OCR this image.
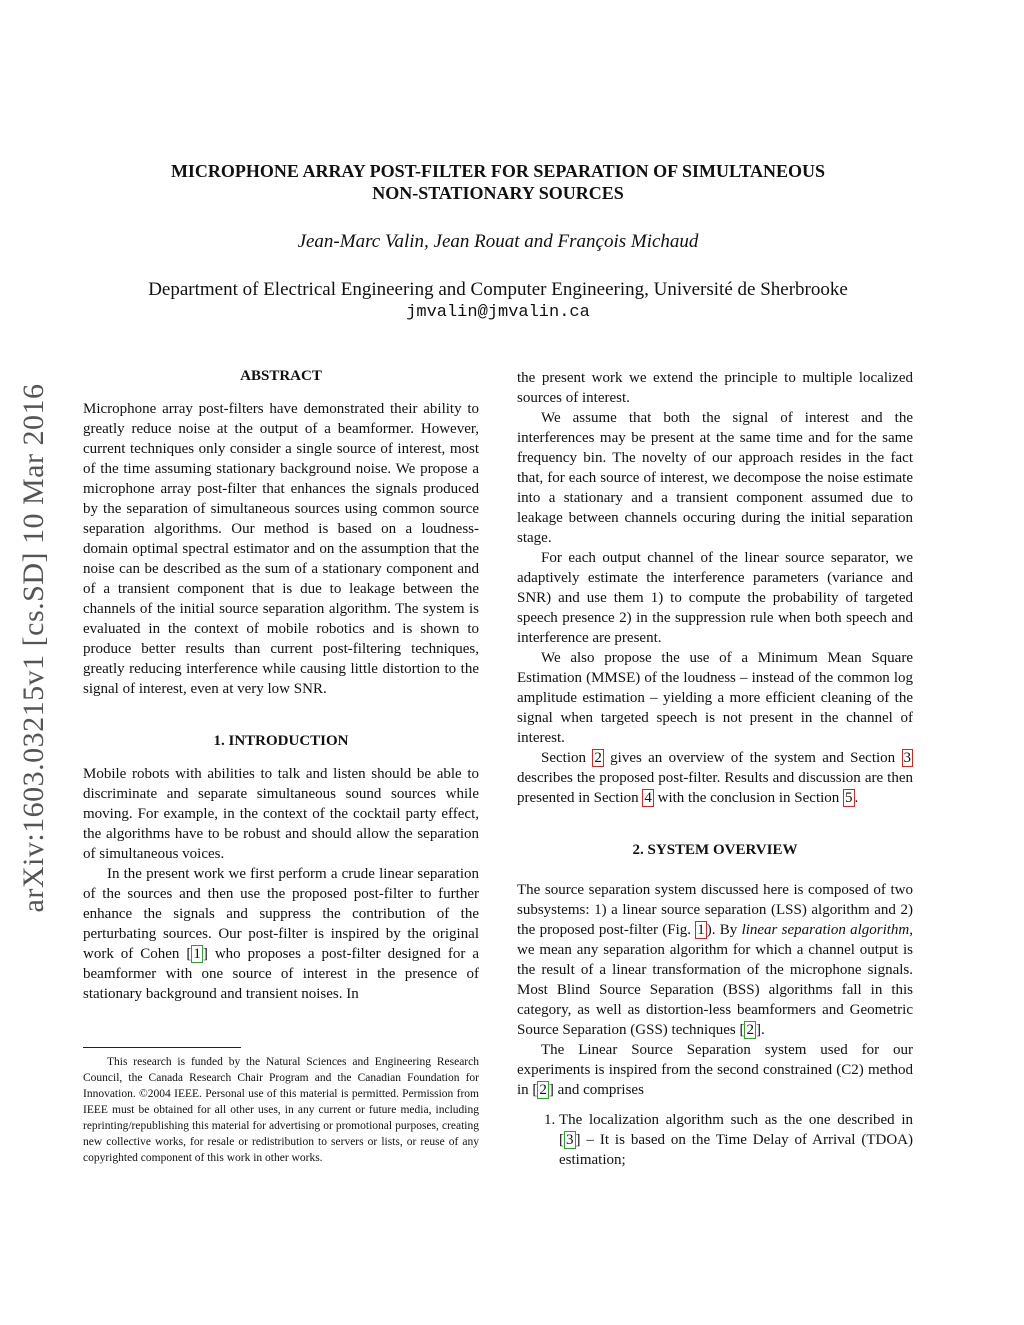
arXiv:1603.03215v1 [cs.SD] 10 Mar 2016
MICROPHONE ARRAY POST-FILTER FOR SEPARATION OF SIMULTANEOUS
NON-STATIONARY SOURCES
Jean-Marc Valin, Jean Rouat and François Michaud
Department of Electrical Engineering and Computer Engineering, Université de Sherbrooke
jmvalin@jmvalin.ca
ABSTRACT

Microphone array post-filters have demonstrated their ability to greatly reduce noise at the output of a beamformer. However, current techniques only consider a single source of interest, most of the time assuming stationary background noise. We propose a microphone array post-filter that enhances the signals produced by the separation of simultaneous sources using common source separation algorithms. Our method is based on a loudness-domain optimal spectral estimator and on the assumption that the noise can be described as the sum of a stationary component and of a transient component that is due to leakage between the channels of the initial source separation algorithm. The system is evaluated in the context of mobile robotics and is shown to produce better results than current post-filtering techniques, greatly reducing interference while causing little distortion to the signal of interest, even at very low SNR.

1. INTRODUCTION

Mobile robots with abilities to talk and listen should be able to discriminate and separate simultaneous sound sources while moving. For example, in the context of the cocktail party effect, the algorithms have to be robust and should allow the separation of simultaneous voices.

In the present work we first perform a crude linear separation of the sources and then use the proposed post-filter to further enhance the signals and suppress the contribution of the perturbating sources. Our post-filter is inspired by the original work of Cohen [ 1 ] who proposes a post-filter designed for a beamformer with one source of interest in the presence of stationary background and transient noises. In

This research is funded by the Natural Sciences and Engineering Research Council, the Canada Research Chair Program and the Canadian Foundation for Innovation. ©2004 IEEE. Personal use of this material is permitted. Permission from IEEE must be obtained for all other uses, in any current or future media, including reprinting/republishing this material for advertising or promotional purposes, creating new collective works, for resale or redistribution to servers or lists, or reuse of any copyrighted component of this work in other works.

the present work we extend the principle to multiple localized sources of interest.

We assume that both the signal of interest and the interferences may be present at the same time and for the same frequency bin. The novelty of our approach resides in the fact that, for each source of interest, we decompose the noise estimate into a stationary and a transient component assumed due to leakage between channels occuring during the initial separation stage.

For each output channel of the linear source separator, we adaptively estimate the interference parameters (variance and SNR) and use them 1) to compute the probability of targeted speech presence 2) in the suppression rule when both speech and interference are present.

We also propose the use of a Minimum Mean Square Estimation (MMSE) of the loudness – instead of the common log amplitude estimation – yielding a more efficient cleaning of the signal when targeted speech is not present in the channel of interest.

Section 2 gives an overview of the system and Section 3 describes the proposed post-filter. Results and discussion are then presented in Section 4 with the conclusion in Section 5 .

2. SYSTEM OVERVIEW

The source separation system discussed here is composed of two subsystems: 1) a linear source separation (LSS) algorithm and 2) the proposed post-filter (Fig. 1 ). By linear separation algorithm, we mean any separation algorithm for which a channel output is the result of a linear transformation of the microphone signals. Most Blind Source Separation (BSS) algorithms fall in this category, as well as distortion-less beamformers and Geometric Source Separation (GSS) techniques [ 2 ].

The Linear Source Separation system used for our experiments is inspired from the second constrained (C2) method in [ 2 ] and comprises

1. The localization algorithm such as the one described in [ 3 ] – It is based on the Time Delay of Arrival (TDOA) estimation;
